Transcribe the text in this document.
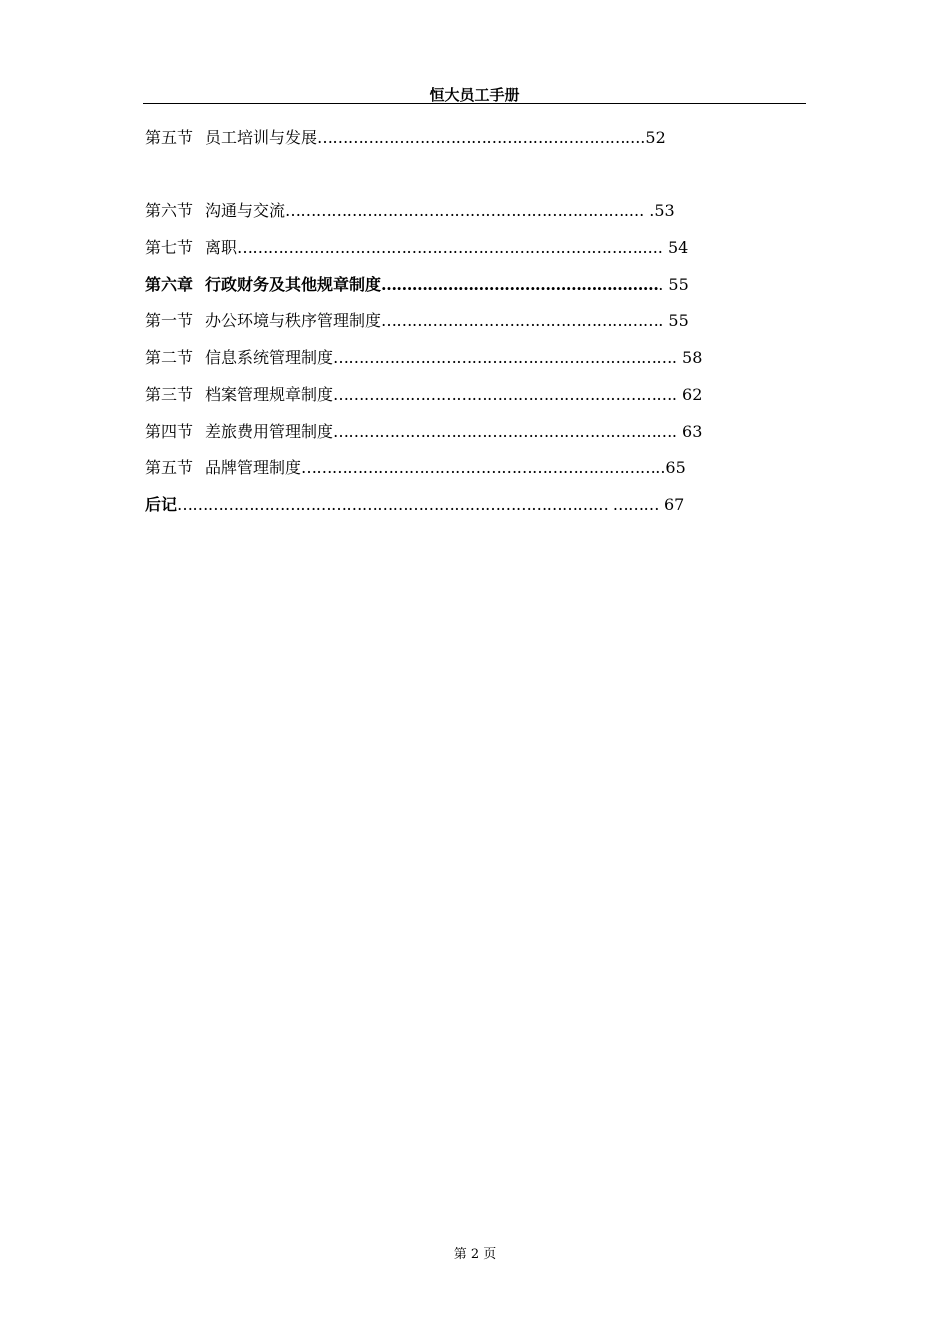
恒大员工手册
第五节 员工培训与发展……………………………………………………....52
第六节 沟通与交流………………………………………………………….... .53
第七节 离职……………………………………………………………………..... 54
第六章 行政财务及其他规章制度………………………………………………. 55
第一节 办公环境与秩序管理制度………………………………………………. 55
第二节 信息系统管理制度…………………………………………………………. 58
第三节 档案管理规章制度…………………………………………………………. 62
第四节 差旅费用管理制度…………………………………………………………. 63
第五节 品牌管理制度……………………………………………………………..65
后记………………………………………………………………………… ……… 67
第 2 页
